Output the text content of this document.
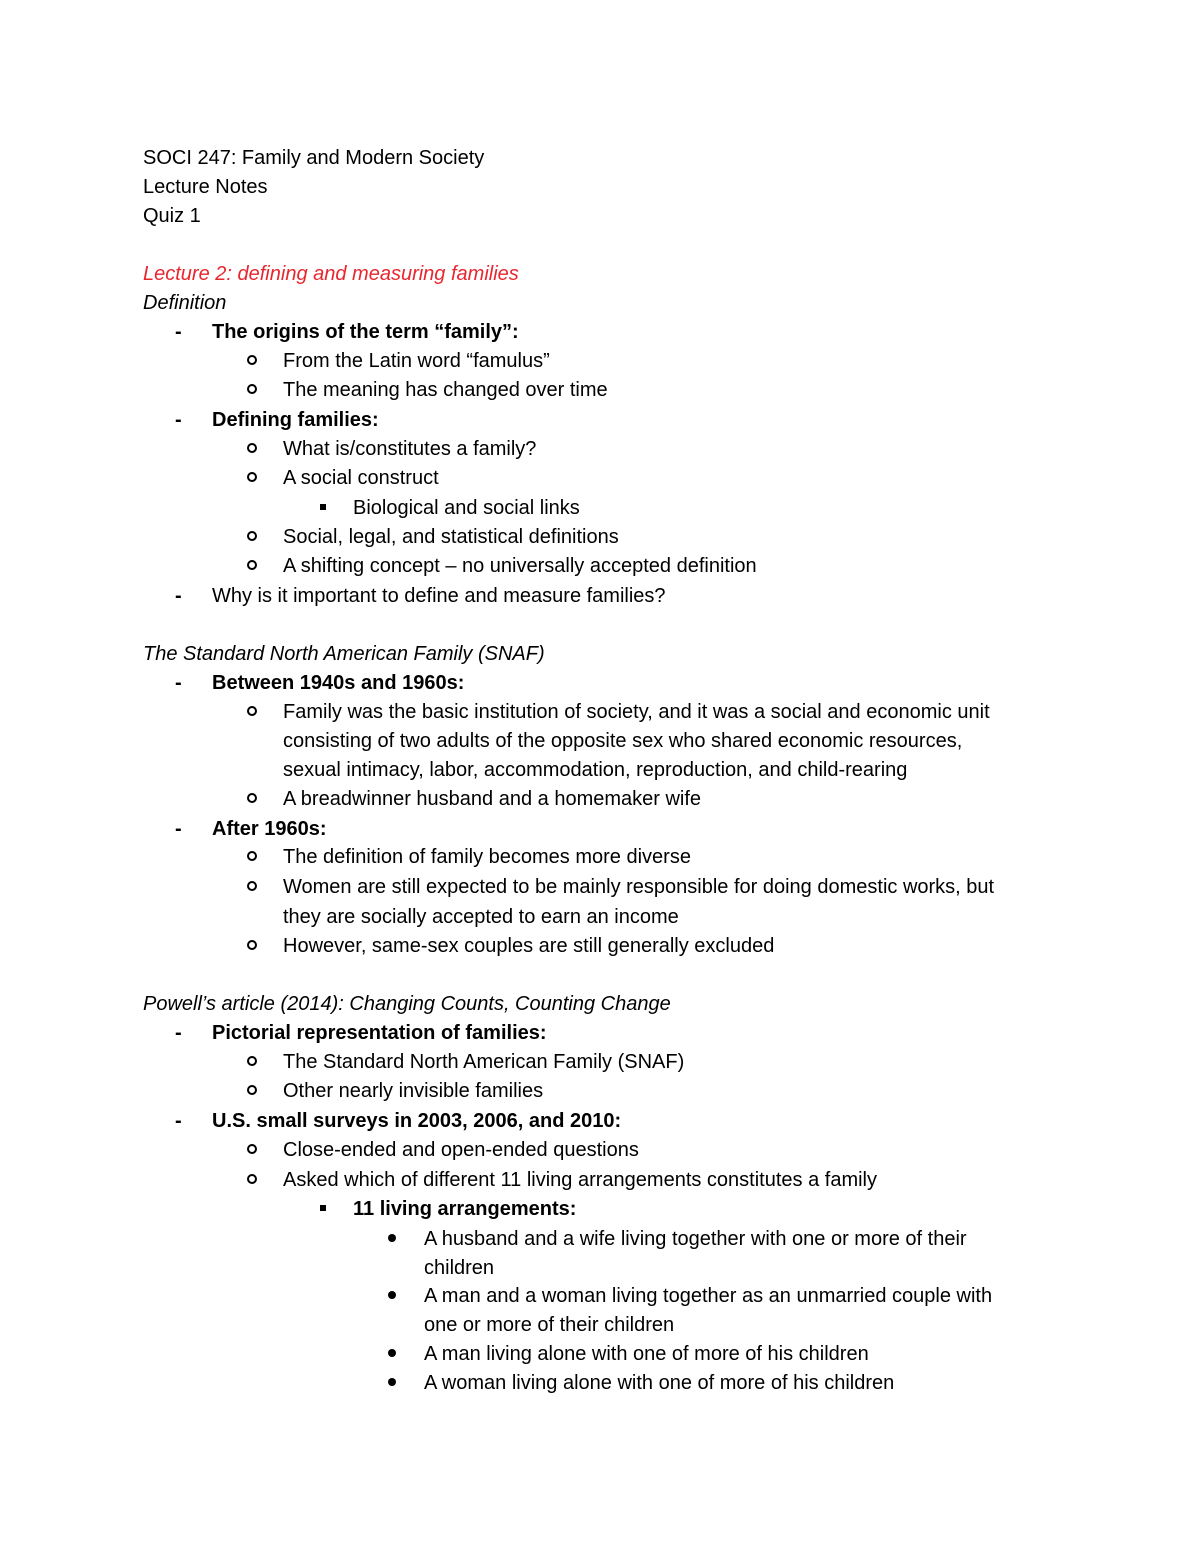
SOCI 247: Family and Modern Society
Lecture Notes
Quiz 1
Lecture 2: defining and measuring families
Definition
- The origins of the term “family”:
From the Latin word “famulus”
The meaning has changed over time
- Defining families:
What is/constitutes a family?
A social construct
Biological and social links
Social, legal, and statistical definitions
A shifting concept – no universally accepted definition
- Why is it important to define and measure families?
The Standard North American Family (SNAF)
- Between 1940s and 1960s:
Family was the basic institution of society, and it was a social and economic unit
consisting of two adults of the opposite sex who shared economic resources,
sexual intimacy, labor, accommodation, reproduction, and child-rearing
A breadwinner husband and a homemaker wife
- After 1960s:
The definition of family becomes more diverse
Women are still expected to be mainly responsible for doing domestic works, but
they are socially accepted to earn an income
However, same-sex couples are still generally excluded
Powell’s article (2014): Changing Counts, Counting Change
- Pictorial representation of families:
The Standard North American Family (SNAF)
Other nearly invisible families
- U.S. small surveys in 2003, 2006, and 2010:
Close-ended and open-ended questions
Asked which of different 11 living arrangements constitutes a family
11 living arrangements:
A husband and a wife living together with one or more of their
children
A man and a woman living together as an unmarried couple with
one or more of their children
A man living alone with one of more of his children
A woman living alone with one of more of his children
